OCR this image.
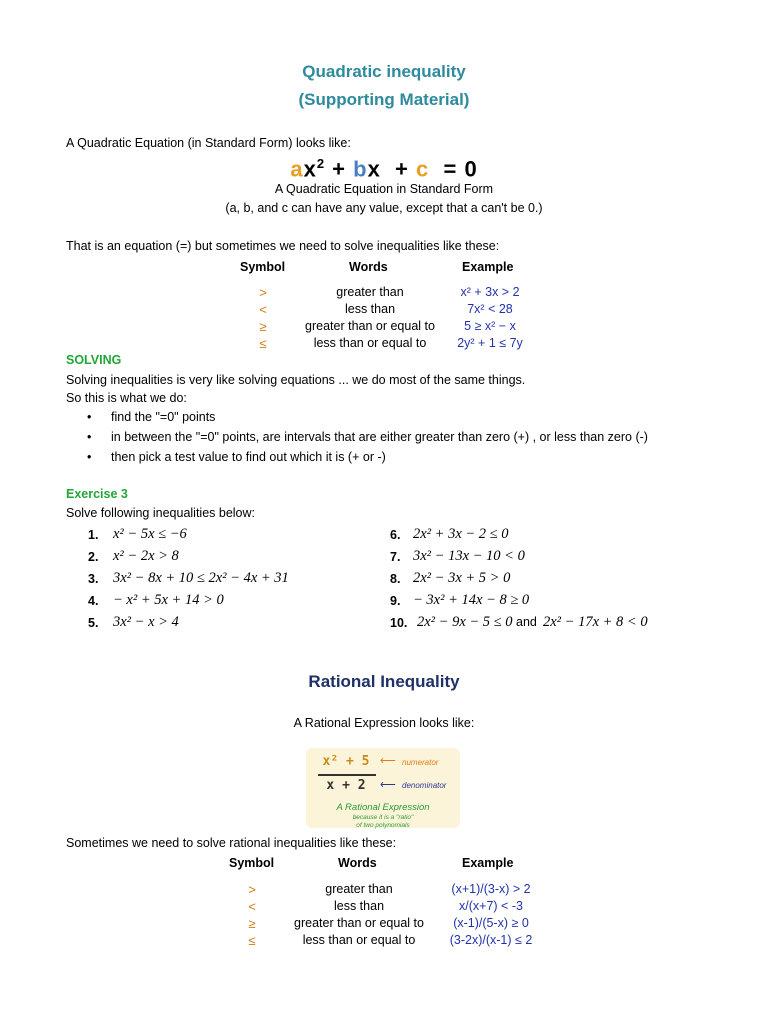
Quadratic inequality
(Supporting Material)
A Quadratic Equation (in Standard Form) looks like:
$ax^2$ + bx  + c  = 0
A Quadratic Equation in Standard Form
(a, b, and c can have any value, except that a can't be 0.)
That is an equation (=) but sometimes we need to solve inequalities like these:
Symbol	Words	Example
>	greater than	x² + 3x > 2
<	less than	7x² < 28
≥	greater than or equal to	5 ≥ x² − x
≤	less than or equal to	2y² + 1 ≤ 7y
SOLVING
Solving inequalities is very like solving equations ... we do most of the same things.
So this is what we do:
• find the "=0" points
• in between the "=0" points, are intervals that are either greater than zero (+) , or less than zero (-)
• then pick a test value to find out which it is (+ or -)
Exercise 3
Solve following inequalities below:
1. x² − 5x ≤ −6
2. x² − 2x > 8
3. 3x² − 8x + 10 ≤ 2x² − 4x + 31
4. − x² + 5x + 14 > 0
5. 3x² − x > 4
6. 2x² + 3x − 2 ≤ 0
7. 3x² − 13x − 10 < 0
8. 2x² − 3x + 5 > 0
9. − 3x² + 14x − 8 ≥ 0
10. 2x² − 9x − 5 ≤ 0 and 2x² − 17x + 8 < 0
Rational Inequality
A Rational Expression looks like:
x² + 5
x + 2
⟵ numerator
⟵ denominator
A Rational Expression
because it is a "ratio"
of two polynomials
Sometimes we need to solve rational inequalities like these:
Symbol	Words	Example
>	greater than	(x+1)/(3-x) > 2
<	less than	x/(x+7) < -3
≥	greater than or equal to	(x-1)/(5-x) ≥ 0
≤	less than or equal to	(3-2x)/(x-1) ≤ 2
